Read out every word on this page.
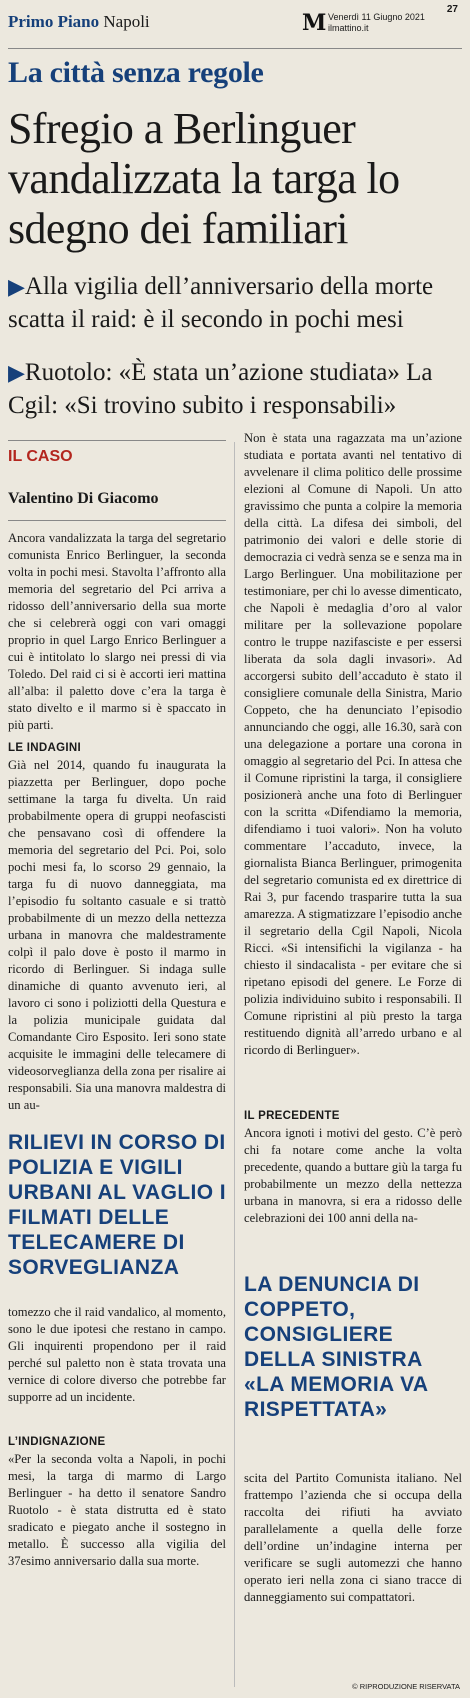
Primo Piano Napoli	M Venerdì 11 Giugno 2021
ilmattino.it
27
La città senza regole
Sfregio a Berlinguer vandalizzata la targa lo sdegno dei familiari
▶Alla vigilia dell’anniversario della morte scatta il raid: è il secondo in pochi mesi
▶Ruotolo: «È stata un’azione studiata» La Cgil: «Si trovino subito i responsabili»
IL CASO
Valentino Di Giacomo

Ancora vandalizzata la targa del segretario comunista Enrico Berlinguer, la seconda volta in pochi mesi. Stavolta l’affronto alla memoria del segretario del Pci arriva a ridosso dell’anniversario della sua morte che si celebrerà oggi con vari omaggi proprio in quel Largo Enrico Berlinguer a cui è intitolato lo slargo nei pressi di via Toledo. Del raid ci si è accorti ieri mattina all’alba: il paletto dove c’era la targa è stato divelto e il marmo si è spaccato in più parti.

LE INDAGINI

Già nel 2014, quando fu inaugurata la piazzetta per Berlinguer, dopo poche settimane la targa fu divelta. Un raid probabilmente opera di gruppi neofascisti che pensavano così di offendere la memoria del segretario del Pci. Poi, solo pochi mesi fa, lo scorso 29 gennaio, la targa fu di nuovo danneggiata, ma l’episodio fu soltanto casuale e si trattò probabilmente di un mezzo della nettezza urbana in manovra che maldestramente colpì il palo dove è posto il marmo in ricordo di Berlinguer. Si indaga sulle dinamiche di quanto avvenuto ieri, al lavoro ci sono i poliziotti della Questura e la polizia municipale guidata dal Comandante Ciro Esposito. Ieri sono state acquisite le immagini delle telecamere di videosorveglianza della zona per risalire ai responsabili. Sia una manovra maldestra di un au-

RILIEVI IN CORSO DI POLIZIA E VIGILI URBANI AL VAGLIO I FILMATI DELLE TELECAMERE DI SORVEGLIANZA

tomezzo che il raid vandalico, al momento, sono le due ipotesi che restano in campo. Gli inquirenti propendono per il raid perché sul paletto non è stata trovata una vernice di colore diverso che potrebbe far supporre ad un incidente.

L’INDIGNAZIONE

«Per la seconda volta a Napoli, in pochi mesi, la targa di marmo di Largo Berlinguer - ha detto il senatore Sandro Ruotolo - è stata distrutta ed è stato sradicato e piegato anche il sostegno in metallo. È successo alla vigilia del 37esimo anniversario dalla sua morte.

Non è stata una ragazzata ma un’azione studiata e portata avanti nel tentativo di avvelenare il clima politico delle prossime elezioni al Comune di Napoli. Un atto gravissimo che punta a colpire la memoria della città. La difesa dei simboli, del patrimonio dei valori e delle storie di democrazia ci vedrà senza se e senza ma in Largo Berlinguer. Una mobilitazione per testimoniare, per chi lo avesse dimenticato, che Napoli è medaglia d’oro al valor militare per la sollevazione popolare contro le truppe nazifasciste e per essersi liberata da sola dagli invasori». Ad accorgersi subito dell’accaduto è stato il consigliere comunale della Sinistra, Mario Coppeto, che ha denunciato l’episodio annunciando che oggi, alle 16.30, sarà con una delegazione a portare una corona in omaggio al segretario del Pci. In attesa che il Comune ripristini la targa, il consigliere posizionerà anche una foto di Berlinguer con la scritta «Difendiamo la memoria, difendiamo i tuoi valori». Non ha voluto commentare l’accaduto, invece, la giornalista Bianca Berlinguer, primogenita del segretario comunista ed ex direttrice di Rai 3, pur facendo trasparire tutta la sua amarezza. A stigmatizzare l’episodio anche il segretario della Cgil Napoli, Nicola Ricci. «Si intensifichi la vigilanza - ha chiesto il sindacalista - per evitare che si ripetano episodi del genere. Le Forze di polizia individuino subito i responsabili. Il Comune ripristini al più presto la targa restituendo dignità all’arredo urbano e al ricordo di Berlinguer».

IL PRECEDENTE

Ancora ignoti i motivi del gesto. C’è però chi fa notare come anche la volta precedente, quando a buttare giù la targa fu probabilmente un mezzo della nettezza urbana in manovra, si era a ridosso delle celebrazioni dei 100 anni della na-

LA DENUNCIA DI COPPETO, CONSIGLIERE DELLA SINISTRA «LA MEMORIA VA RISPETTATA»

scita del Partito Comunista italiano. Nel frattempo l’azienda che si occupa della raccolta dei rifiuti ha avviato parallelamente a quella delle forze dell’ordine un’indagine interna per verificare se sugli automezzi che hanno operato ieri nella zona ci siano tracce di danneggiamento sui compattatori.

© RIPRODUZIONE RISERVATA
